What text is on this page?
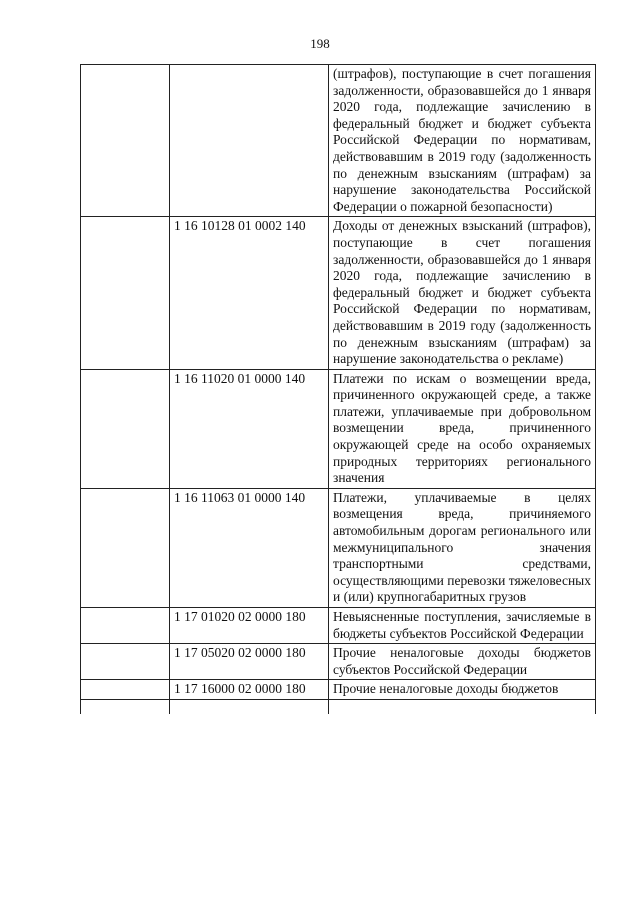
198
		(штрафов), поступающие в счет погашения задолженности, образовавшейся до 1 января 2020 года, подлежащие зачислению в федеральный бюджет и бюджет субъекта Российской Федерации по нормативам, действовавшим в 2019 году (задолженность по денежным взысканиям (штрафам) за нарушение законодательства Российской Федерации о пожарной безопасности)
	1 16 10128 01 0002 140	Доходы от денежных взысканий (штрафов), поступающие в счет погашения задолженности, образовавшейся до 1 января 2020 года, подлежащие зачислению в федеральный бюджет и бюджет субъекта Российской Федерации по нормативам, действовавшим в 2019 году (задолженность по денежным взысканиям (штрафам) за нарушение законодательства о рекламе)
	1 16 11020 01 0000 140	Платежи по искам о возмещении вреда, причиненного окружающей среде, а также платежи, уплачиваемые при добровольном возмещении вреда, причиненного окружающей среде на особо охраняемых природных территориях регионального значения
	1 16 11063 01 0000 140	Платежи, уплачиваемые в целях возмещения вреда, причиняемого автомобильным дорогам регионального или межмуниципального значения транспортными средствами, осуществляющими перевозки тяжеловесных и (или) крупногабаритных грузов
	1 17 01020 02 0000 180	Невыясненные поступления, зачисляемые в бюджеты субъектов Российской Федерации
	1 17 05020 02 0000 180	Прочие неналоговые доходы бюджетов субъектов Российской Федерации
	1 17 16000 02 0000 180	Прочие неналоговые доходы бюджетов
